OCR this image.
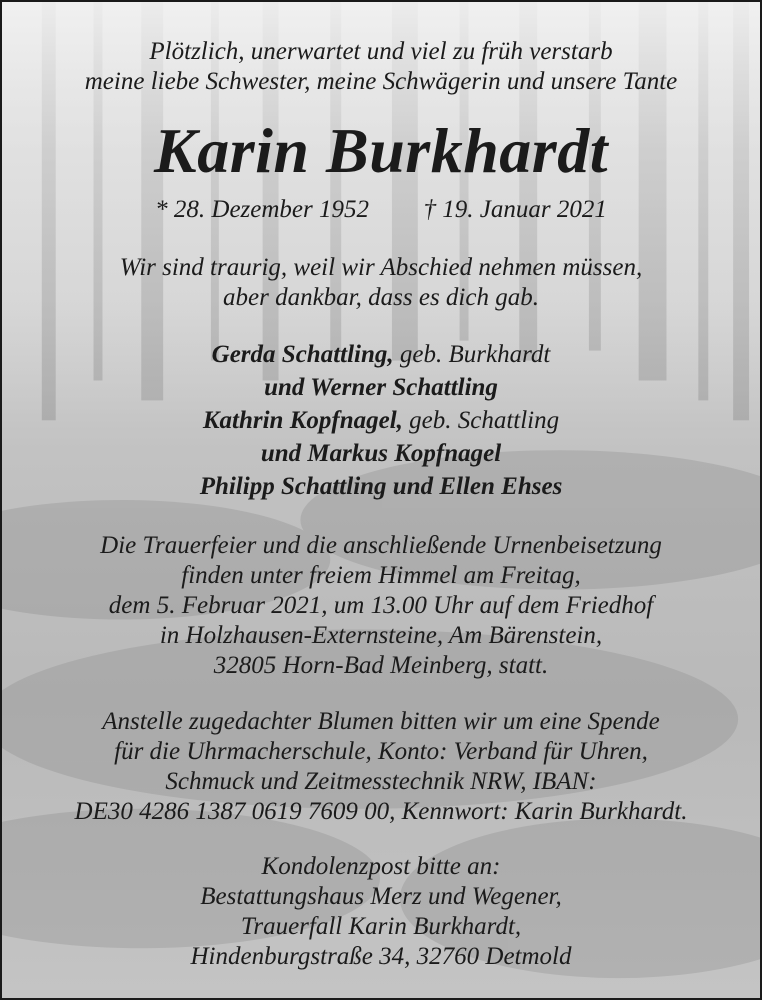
Plötzlich, unerwartet und viel zu früh verstarb
meine liebe Schwester, meine Schwägerin und unsere Tante
Karin Burkhardt
* 28. Dezember 1952 † 19. Januar 2021
Wir sind traurig, weil wir Abschied nehmen müssen,
aber dankbar, dass es dich gab.
Gerda Schattling, geb. Burkhardt
und Werner Schattling
Kathrin Kopfnagel, geb. Schattling
und Markus Kopfnagel
Philipp Schattling und Ellen Ehses
Die Trauerfeier und die anschließende Urnenbeisetzung
finden unter freiem Himmel am Freitag,
dem 5. Februar 2021, um 13.00 Uhr auf dem Friedhof
in Holzhausen-Externsteine, Am Bärenstein,
32805 Horn-Bad Meinberg, statt.
Anstelle zugedachter Blumen bitten wir um eine Spende
für die Uhrmacherschule, Konto: Verband für Uhren,
Schmuck und Zeitmesstechnik NRW, IBAN:
DE30 4286 1387 0619 7609 00, Kennwort: Karin Burkhardt.
Kondolenzpost bitte an:
Bestattungshaus Merz und Wegener,
Trauerfall Karin Burkhardt,
Hindenburgstraße 34, 32760 Detmold
